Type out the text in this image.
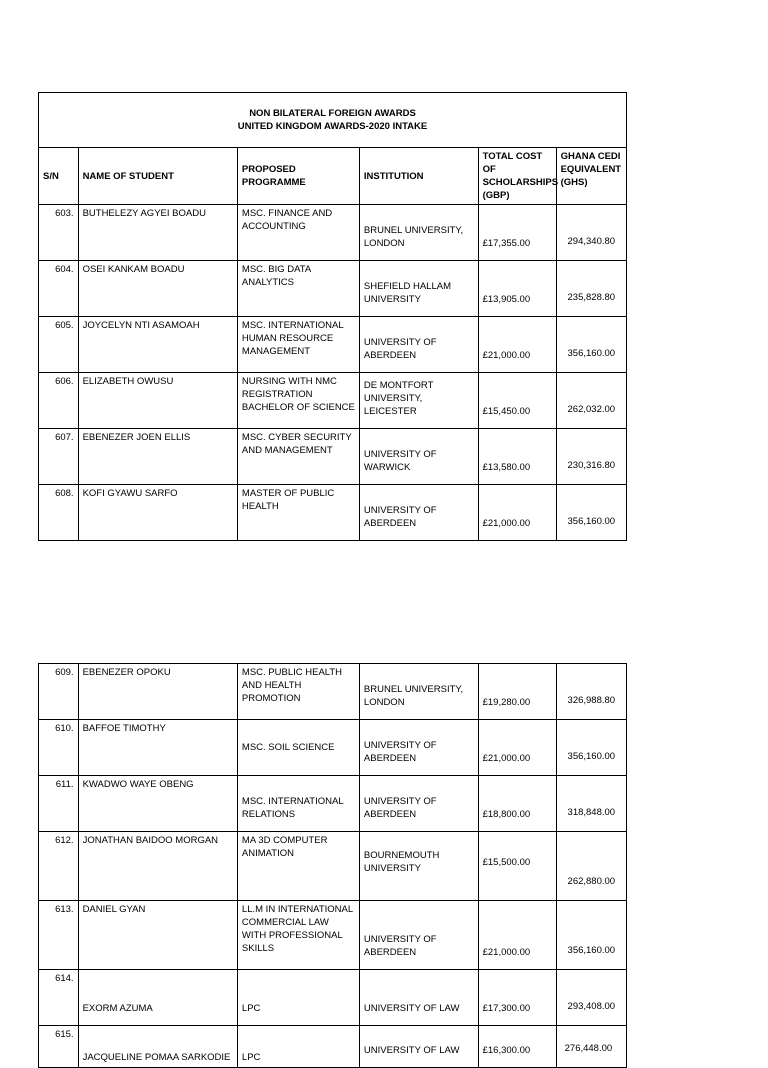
NON BILATERAL FOREIGN AWARDS
UNITED KINGDOM AWARDS-2020 INTAKE					

S/N	NAME OF STUDENT	PROPOSED PROGRAMME	INSTITUTION	TOTAL COST OF SCHOLARSHIPS (GBP)	GHANA CEDI EQUIVALENT (GHS)
603.	BUTHELEZY AGYEI BOADU	MSC. FINANCE AND ACCOUNTING	BRUNEL UNIVERSITY, LONDON	£17,355.00	294,340.80
604.	OSEI KANKAM BOADU	MSC. BIG DATA ANALYTICS	SHEFIELD HALLAM UNIVERSITY	£13,905.00	235,828.80
605.	JOYCELYN NTI ASAMOAH	MSC. INTERNATIONAL HUMAN RESOURCE MANAGEMENT	UNIVERSITY OF ABERDEEN	£21,000.00	356,160.00
606.	ELIZABETH OWUSU	NURSING WITH NMC REGISTRATION BACHELOR OF SCIENCE	DE MONTFORT UNIVERSITY, LEICESTER	£15,450.00	262,032.00
607.	EBENEZER JOEN ELLIS	MSC. CYBER SECURITY AND MANAGEMENT	UNIVERSITY OF WARWICK	£13,580.00	230,316.80
608.	KOFI GYAWU SARFO	MASTER OF PUBLIC HEALTH	UNIVERSITY OF ABERDEEN	£21,000.00	356,160.00
609.	EBENEZER OPOKU	MSC. PUBLIC HEALTH AND HEALTH PROMOTION	BRUNEL UNIVERSITY, LONDON	£19,280.00	326,988.80
610.	BAFFOE TIMOTHY	MSC. SOIL SCIENCE	UNIVERSITY OF ABERDEEN	£21,000.00	356,160.00
611.	KWADWO WAYE OBENG	MSC. INTERNATIONAL RELATIONS	UNIVERSITY OF ABERDEEN	£18,800.00	318,848.00
612.	JONATHAN BAIDOO MORGAN	MA 3D COMPUTER ANIMATION	BOURNEMOUTH UNIVERSITY	£15,500.00	262,880.00
613.	DANIEL GYAN	LL.M IN INTERNATIONAL COMMERCIAL LAW WITH PROFESSIONAL SKILLS	UNIVERSITY OF ABERDEEN	£21,000.00	356,160.00
614.	EXORM AZUMA	LPC	UNIVERSITY OF LAW	£17,300.00	293,408.00
615.	JACQUELINE POMAA SARKODIE	LPC	UNIVERSITY OF LAW	£16,300.00	276,448.00
